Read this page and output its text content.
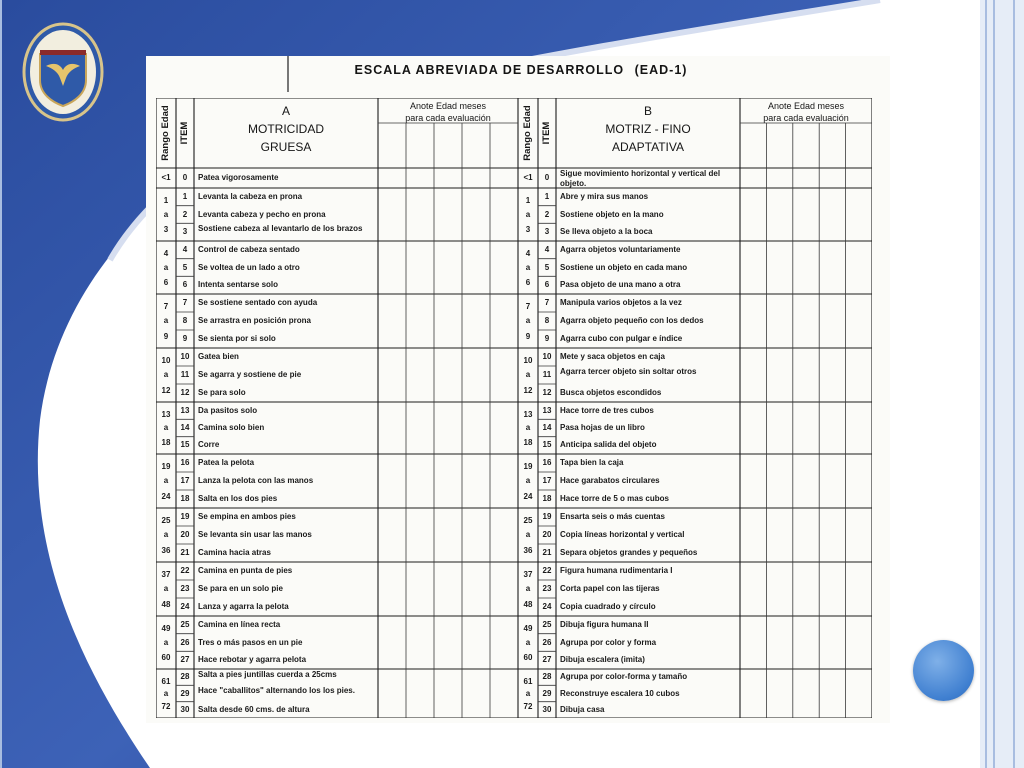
ESCALA ABREVIADA DE DESARROLLO (EAD-1)
A
MOTRICIDAD
GRUESA
B
MOTRIZ - FINO
ADAPTATIVA
Anote Edad meses
para cada evaluación
Anote Edad meses
para cada evaluación
Rango Edad ITEM	Rango Edad ITEM
<1	0	Patea vigorosamente	<1	0	Sigue movimiento horizontal y vertical del objeto.
1
a
3
1	Levanta la cabeza en prona
2	Levanta cabeza y pecho en prona
3	Sostiene cabeza al levantarlo de los brazos
1
a
3
1	Abre y mira sus manos
2	Sostiene objeto en la mano
3	Se lleva objeto a la boca
4
a
6
4	Control de cabeza sentado
5	Se voltea de un lado a otro
6	Intenta sentarse solo
4
a
6
4	Agarra objetos voluntariamente
5	Sostiene un objeto en cada mano
6	Pasa objeto de una mano a otra
7
a
9
7	Se sostiene sentado con ayuda
8	Se arrastra en posición prona
9	Se sienta por si solo
7
a
9
7	Manipula varios objetos a la vez
8	Agarra objeto pequeño con los dedos
9	Agarra cubo con pulgar e índice
10
a
12
10	Gatea bien
11	Se agarra y sostiene de pie
12	Se para solo
10
a
12
10	Mete y saca objetos en caja
11	Agarra tercer objeto sin soltar otros
12	Busca objetos escondidos
13
a
18
13	Da pasitos solo
14	Camina solo bien
15	Corre
13
a
18
13	Hace torre de tres cubos
14	Pasa hojas de un libro
15	Anticipa salida del objeto
19
a
24
16	Patea la pelota
17	Lanza la pelota con las manos
18	Salta en los dos pies
19
a
24
16	Tapa bien la caja
17	Hace garabatos circulares
18	Hace torre de 5 o mas cubos
25
a
36
19	Se empina en ambos pies
20	Se levanta sin usar las manos
21	Camina hacia atras
25
a
36
19	Ensarta seis o más cuentas
20	Copia líneas horizontal y vertical
21	Separa objetos grandes y pequeños
37
a
48
22	Camina en punta de pies
23	Se para en un solo pie
24	Lanza y agarra la pelota
37
a
48
22	Figura humana rudimentaria I
23	Corta papel con las tijeras
24	Copia cuadrado y círculo
49
a
60
25	Camina en línea recta
26	Tres o más pasos en un pie
27	Hace rebotar y agarra pelota
49
a
60
25	Dibuja figura humana II
26	Agrupa por color y forma
27	Dibuja escalera (imita)
61
a
72
28	Salta a pies juntillas cuerda a 25cms
29	Hace "caballitos" alternando los los pies.
30	Salta desde 60 cms. de altura
61
a
72
28	Agrupa por color-forma y tamaño
29	Reconstruye escalera 10 cubos
30	Dibuja casa
